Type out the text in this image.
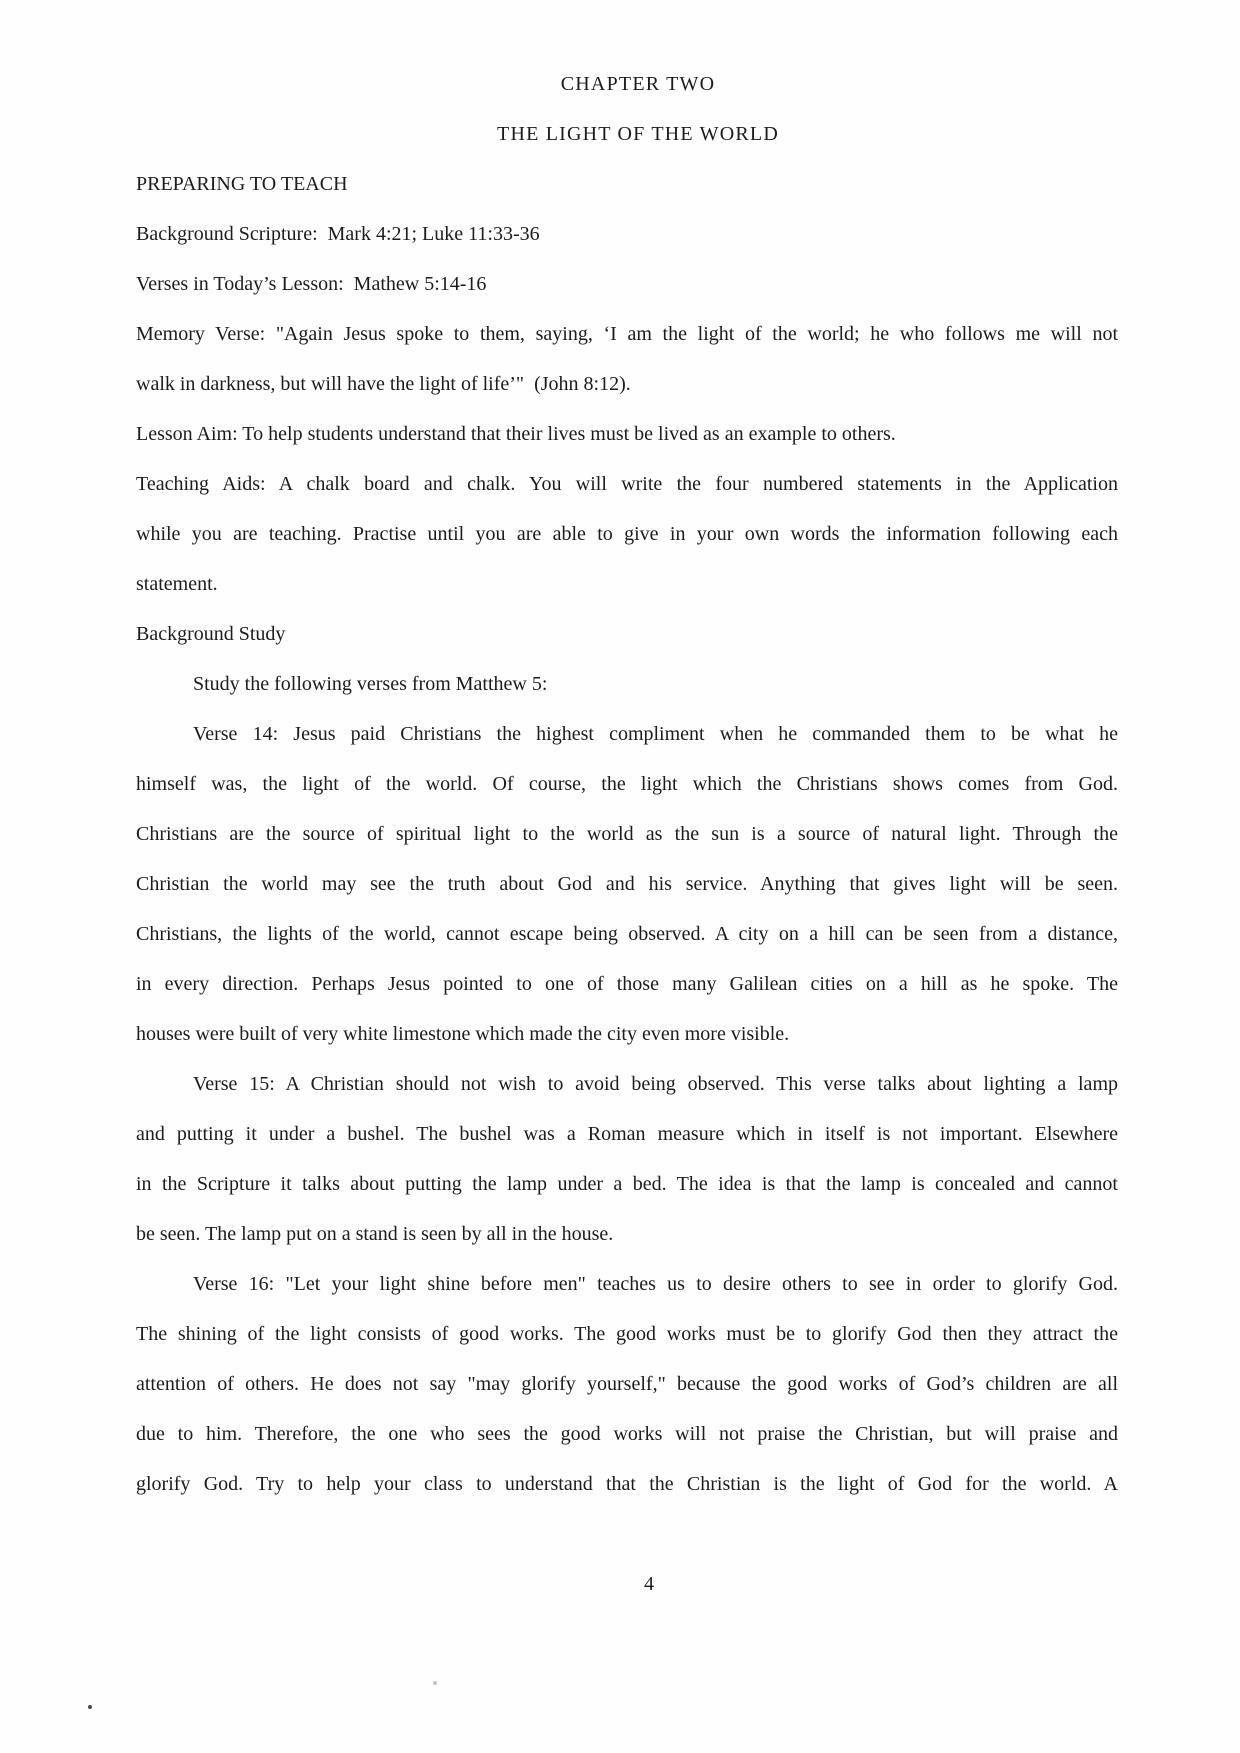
CHAPTER TWO
THE LIGHT OF THE WORLD
PREPARING TO TEACH
Background Scripture:  Mark 4:21; Luke 11:33-36
Verses in Today’s Lesson:  Mathew 5:14-16
Memory Verse: "Again Jesus spoke to them, saying, ‘I am the light of the world; he who follows me will not
walk in darkness, but will have the light of life’"  (John 8:12).
Lesson Aim: To help students understand that their lives must be lived as an example to others.
Teaching Aids: A chalk board and chalk. You will write the four numbered statements in the Application
while you are teaching. Practise until you are able to give in your own words the information following each
statement.
Background Study
Study the following verses from Matthew 5:
Verse 14: Jesus paid Christians the highest compliment when he commanded them to be what he
himself was, the light of the world. Of course, the light which the Christians shows comes from God.
Christians are the source of spiritual light to the world as the sun is a source of natural light. Through the
Christian the world may see the truth about God and his service. Anything that gives light will be seen.
Christians, the lights of the world, cannot escape being observed. A city on a hill can be seen from a distance,
in every direction. Perhaps Jesus pointed to one of those many Galilean cities on a hill as he spoke. The
houses were built of very white limestone which made the city even more visible.
Verse 15: A Christian should not wish to avoid being observed. This verse talks about lighting a lamp
and putting it under a bushel. The bushel was a Roman measure which in itself is not important. Elsewhere
in the Scripture it talks about putting the lamp under a bed. The idea is that the lamp is concealed and cannot
be seen. The lamp put on a stand is seen by all in the house.
Verse 16: "Let your light shine before men" teaches us to desire others to see in order to glorify God.
The shining of the light consists of good works. The good works must be to glorify God then they attract the
attention of others. He does not say "may glorify yourself," because the good works of God’s children are all
due to him. Therefore, the one who sees the good works will not praise the Christian, but will praise and
glorify God. Try to help your class to understand that the Christian is the light of God for the world. A
4
